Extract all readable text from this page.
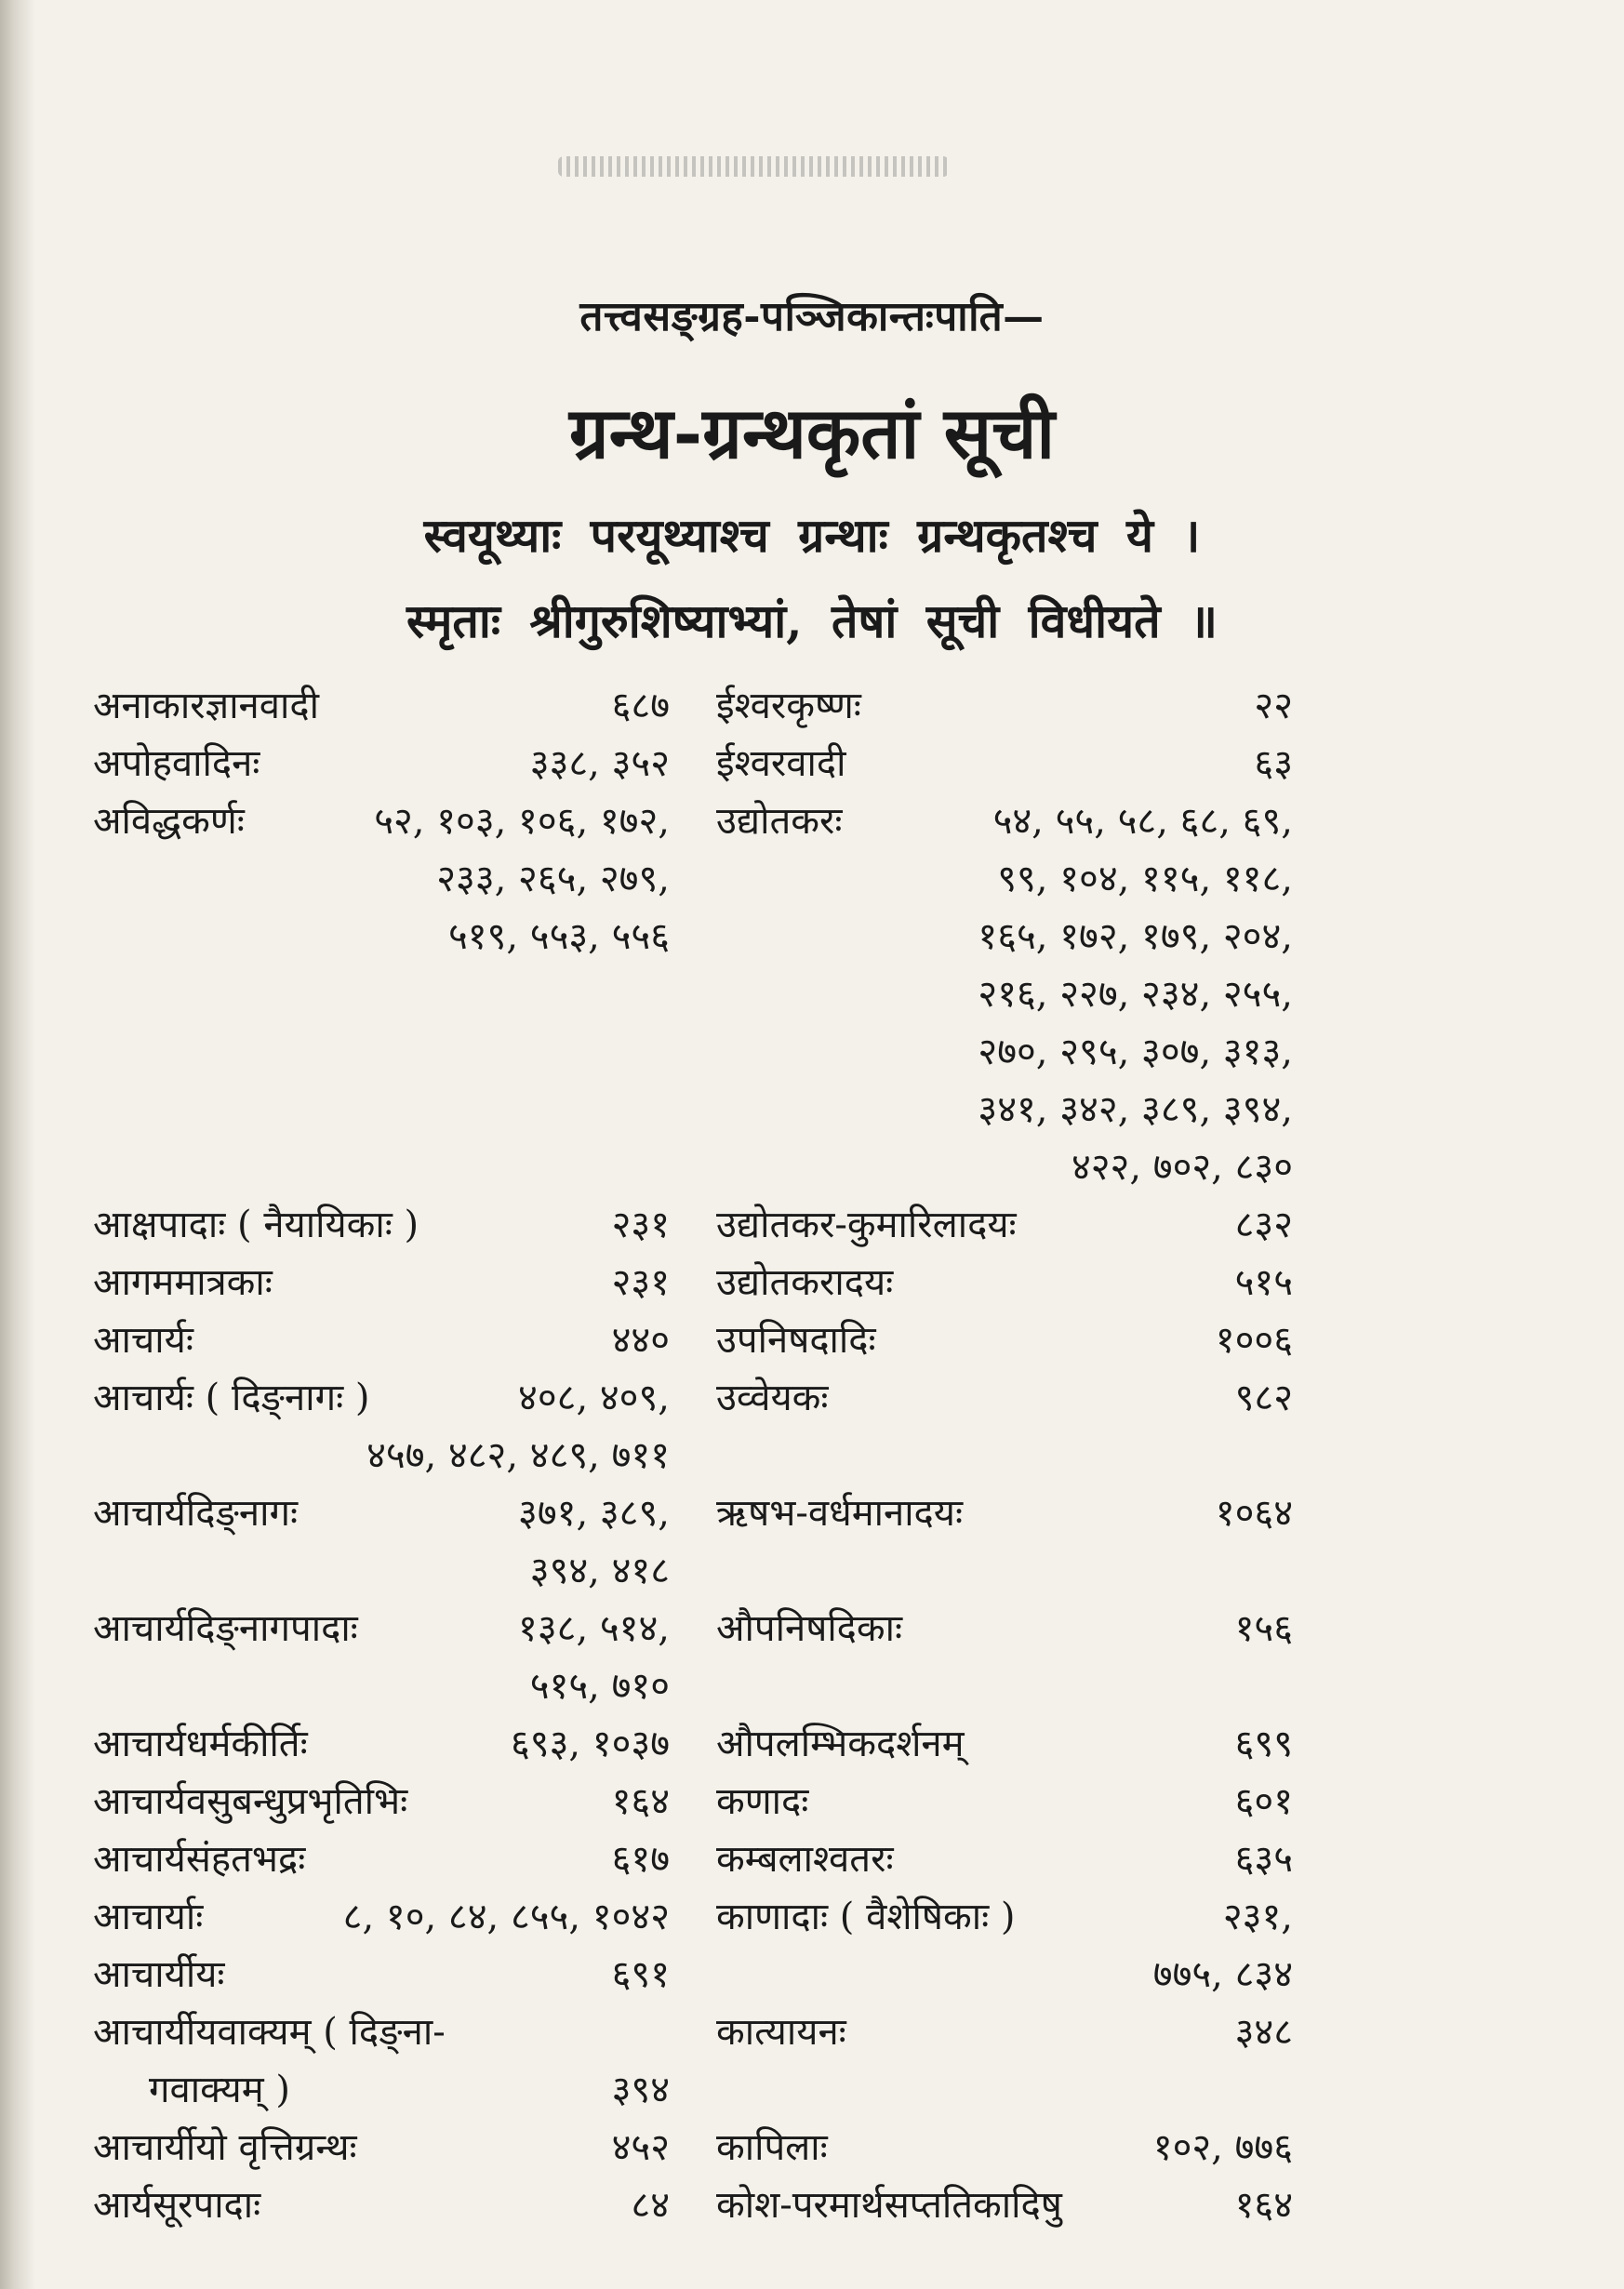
तत्त्वसङ्ग्रह-पञ्जिकान्तःपाति—
ग्रन्थ-ग्रन्थकृतां सूची
स्वयूथ्याः परयूथ्याश्च ग्रन्थाः ग्रन्थकृतश्च ये ।
स्मृताः श्रीगुरुशिष्याभ्यां, तेषां सूची विधीयते ॥
अनाकारज्ञानवादी	६८७
अपोहवादिनः	३३८, ३५२
अविद्धकर्णः	५२, १०३, १०६, १७२,
२३३, २६५, २७९,
५१९, ५५३, ५५६
आक्षपादाः ( नैयायिकाः )	२३१
आगममात्रकाः	२३१
आचार्यः	४४०
आचार्यः ( दिङ्नागः )	४०८, ४०९,
४५७, ४८२, ४८९, ७११
आचार्यदिङ्नागः	३७१, ३८९,
३९४, ४१८
आचार्यदिङ्नागपादाः	१३८, ५१४,
५१५, ७१०
आचार्यधर्मकीर्तिः	६९३, १०३७
आचार्यवसुबन्धुप्रभृतिभिः	१६४
आचार्यसंहतभद्रः	६१७
आचार्याः	८, १०, ८४, ८५५, १०४२
आचार्यीयः	६९१
आचार्यीयवाक्यम् ( दिङ्ना-
गवाक्यम् )	३९४
आचार्यीयो वृत्तिग्रन्थः	४५२
आर्यसूरपादाः	८४
ईश्वरकृष्णः	२२
ईश्वरवादी	६३
उद्योतकरः	५४, ५५, ५८, ६८, ६९,
९९, १०४, ११५, ११८,
१६५, १७२, १७९, २०४,
२१६, २२७, २३४, २५५,
२७०, २९५, ३०७, ३१३,
३४१, ३४२, ३८९, ३९४,
४२२, ७०२, ८३०
उद्योतकर-कुमारिलादयः	८३२
उद्योतकरादयः	५१५
उपनिषदादिः	१००६
उव्वेयकः	९८२
ऋषभ-वर्धमानादयः	१०६४
औपनिषदिकाः	१५६
औपलम्भिकदर्शनम्	६९९
कणादः	६०१
कम्बलाश्वतरः	६३५
काणादाः ( वैशेषिकाः )	२३१,
७७५, ८३४
कात्यायनः	३४८
कापिलाः	१०२, ७७६
कोश-परमार्थसप्ततिकादिषु	१६४
